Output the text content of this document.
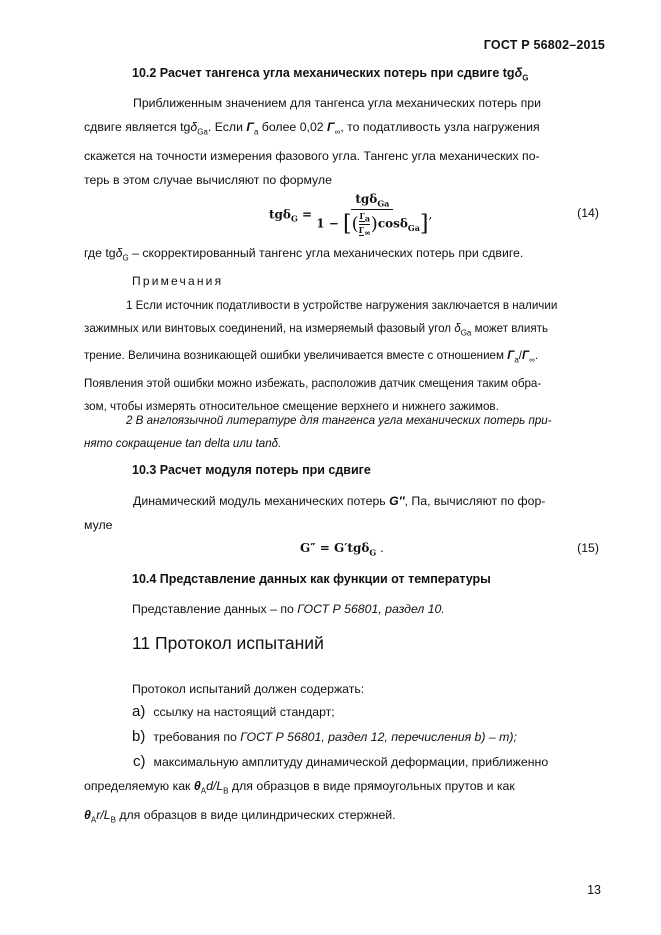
ГОСТ Р 56802–2015
10.2 Расчет тангенса угла механических потерь при сдвиге tgδ$_G$

Приближенным значением для тангенса угла механических потерь при

сдвиге является tgδ$_{Ga}$. Если $Г_a$ более 0,02 $Г_\infty$, то податливость узла нагружения

скажется на точности измерения фазового угла. Тангенс угла механических по-

терь в этом случае вычисляют по формуле

tgδ$_G$ = tgδ$_{Ga}$
1 − [( $Г_a$
$Г_\infty$ )cosδ$_{Ga}$] ,	(14)
где tgδ$_G$ – скорректированный тангенс угла механических потерь при сдвиге.
Примечания

1 Если источник податливости в устройстве нагружения заключается в наличии

зажимных или винтовых соединений, на измеряемый фазовый угол $\delta_{Ga}$ может влиять

трение. Величина возникающей ошибки увеличивается вместе с отношением $Г_a/Г_\infty$.

Появления этой ошибки можно избежать, расположив датчик смещения таким обра-

зом, чтобы измерять относительное смещение верхнего и нижнего зажимов.

2 В англоязычной литературе для тангенса угла механических потерь при-

нято сокращение tan delta или tanδ.

10.3 Расчет модуля потерь при сдвиге

Динамический модуль механических потерь G″, Па, вычисляют по фор-

муле

G″ = G′tgδ$_G$ .	(15)
10.4 Представление данных как функции от температуры
Представление данных – по ГОСТ Р 56801, раздел 10.
11 Протокол испытаний
Протокол испытаний должен содержать:
а) ссылку на настоящий стандарт;
b) требования по ГОСТ Р 56801, раздел 12, перечисления b) – m);

с) максимальную амплитуду динамической деформации, приближенно

определяемую как $\theta_Ad/L_B$ для образцов в виде прямоугольных прутов и как

$\theta_Ar/L_B$ для образцов в виде цилиндрических стержней.

13
